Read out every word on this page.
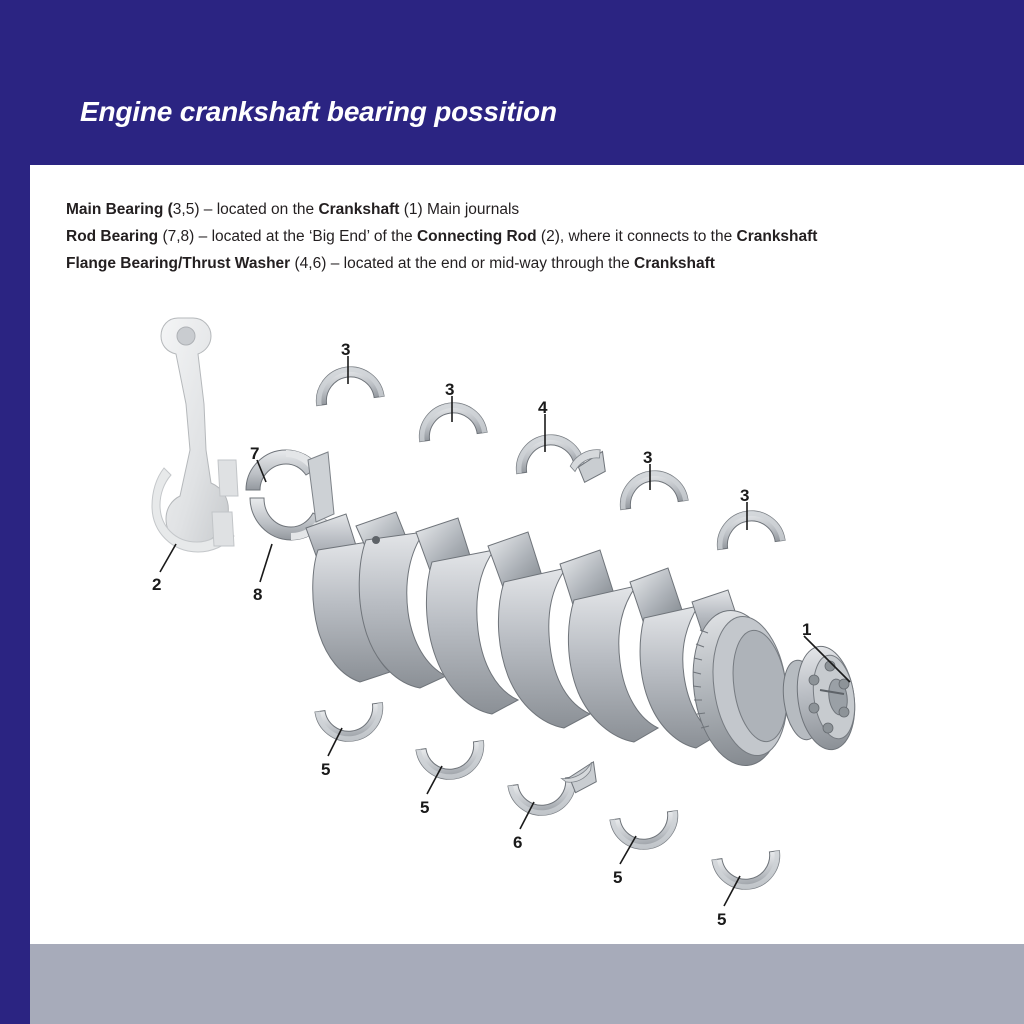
Engine crankshaft bearing possition
Main Bearing (3,5) – located on the Crankshaft (1) Main journals
Rod Bearing (7,8) – located at the ‘Big End’ of the Connecting Rod (2), where it connects to the Crankshaft
Flange Bearing/Thrust Washer (4,6) – located at the end or mid-way through the Crankshaft
3
3
4
3
3
7
8
2
1
5
5
6
5
5
